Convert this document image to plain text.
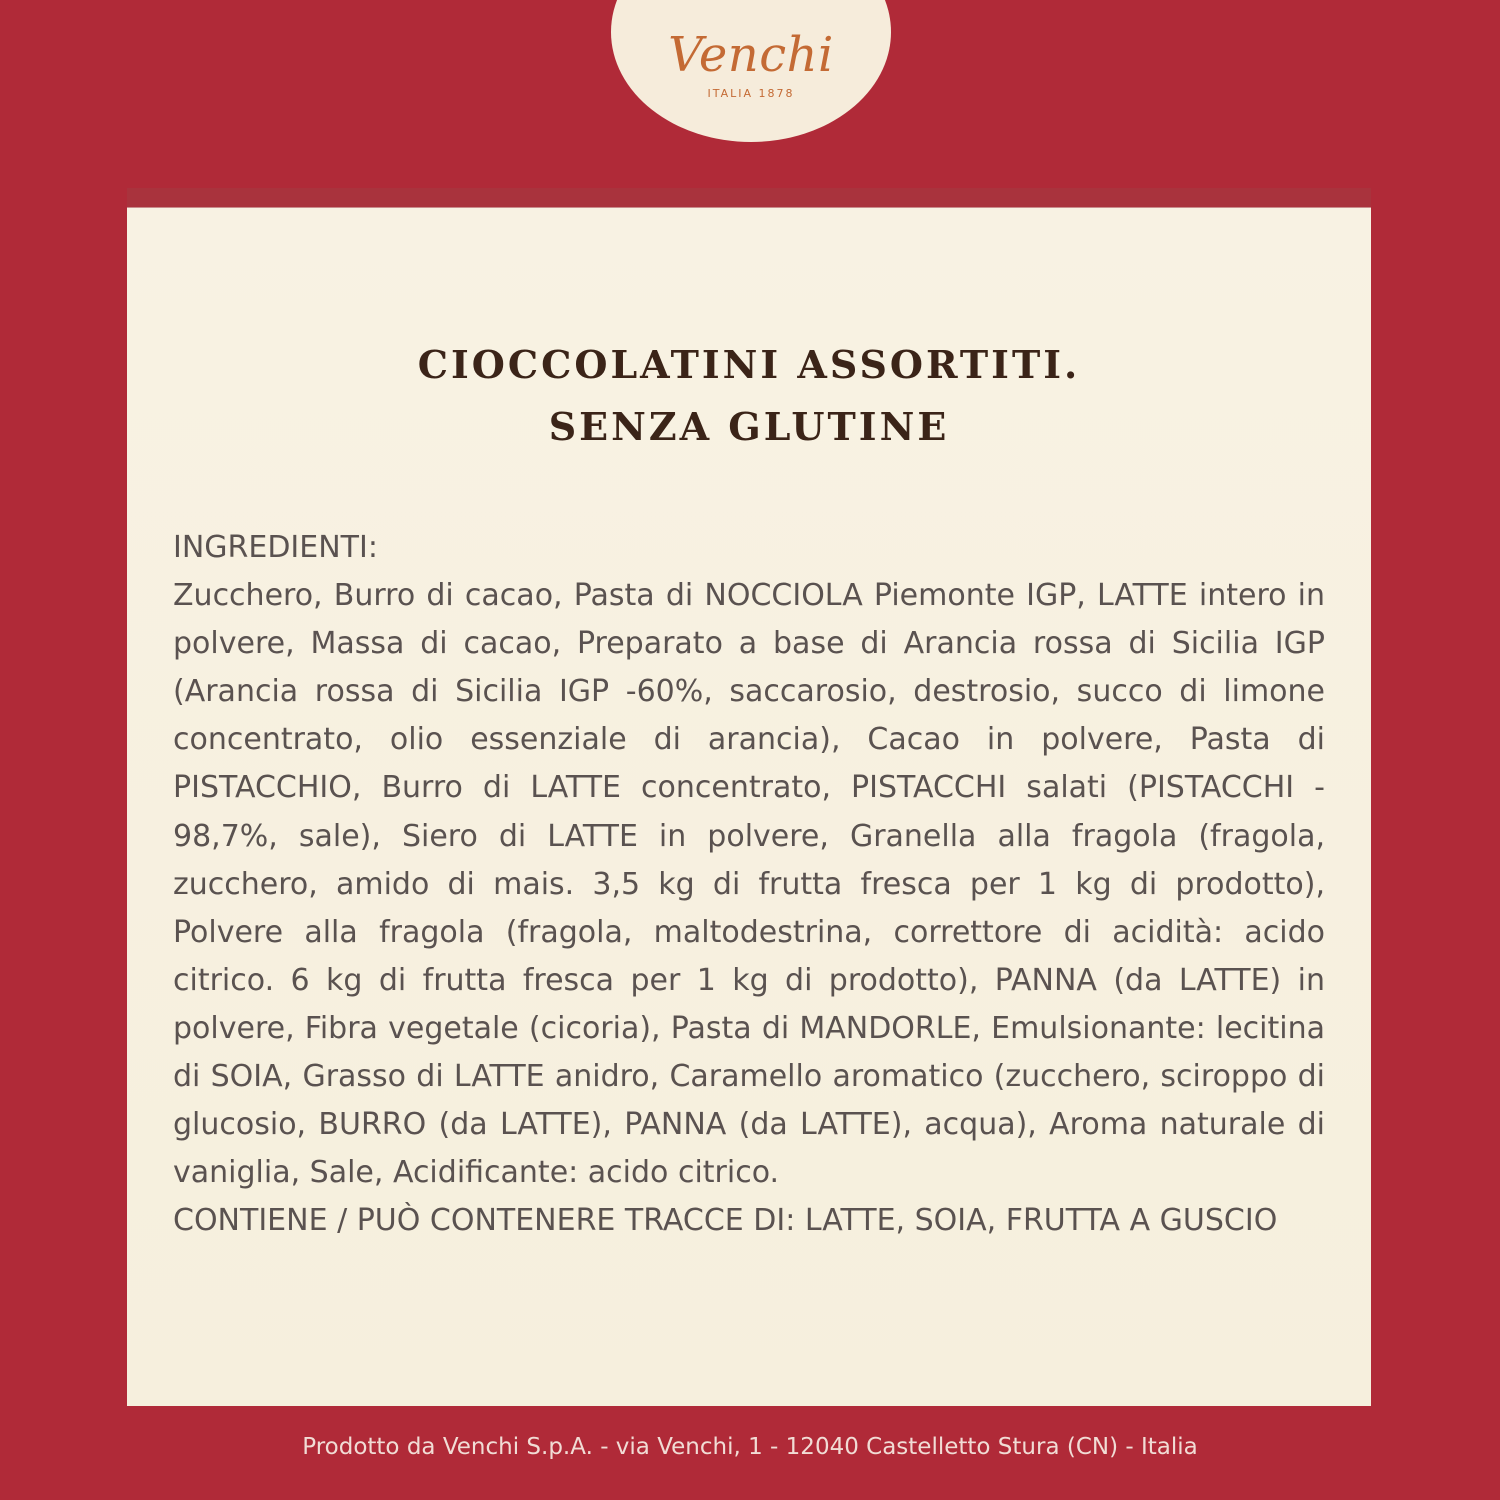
Venchi
ITALIA 1878
CIOCCOLATINI ASSORTITI.
SENZA GLUTINE

INGREDIENTI:

Zucchero, Burro di cacao, Pasta di NOCCIOLA Piemonte IGP, LATTE intero in polvere, Massa di cacao, Preparato a base di Arancia rossa di Sicilia IGP (Arancia rossa di Sicilia IGP -60%, saccarosio, destrosio, succo di limone concentrato, olio essenziale di arancia), Cacao in polvere, Pasta di PISTACCHIO, Burro di LATTE concentrato, PISTACCHI salati (PISTACCHI - 98,7%, sale), Siero di LATTE in polvere, Granella alla fragola (fragola, zucchero, amido di mais. 3,5 kg di frutta fresca per 1 kg di prodotto), Polvere alla fragola (fragola, maltodestrina, correttore di acidità: acido citrico. 6 kg di frutta fresca per 1 kg di prodotto), PANNA (da LATTE) in polvere, Fibra vegetale (cicoria), Pasta di MANDORLE, Emulsionante: lecitina di SOIA, Grasso di LATTE anidro, Caramello aromatico (zucchero, sciroppo di glucosio, BURRO (da LATTE), PANNA (da LATTE), acqua), Aroma naturale di vaniglia, Sale, Acidificante: acido citrico.

CONTIENE / PUÒ CONTENERE TRACCE DI: LATTE, SOIA, FRUTTA A GUSCIO

Prodotto da Venchi S.p.A. - via Venchi, 1 - 12040 Castelletto Stura (CN) - Italia
